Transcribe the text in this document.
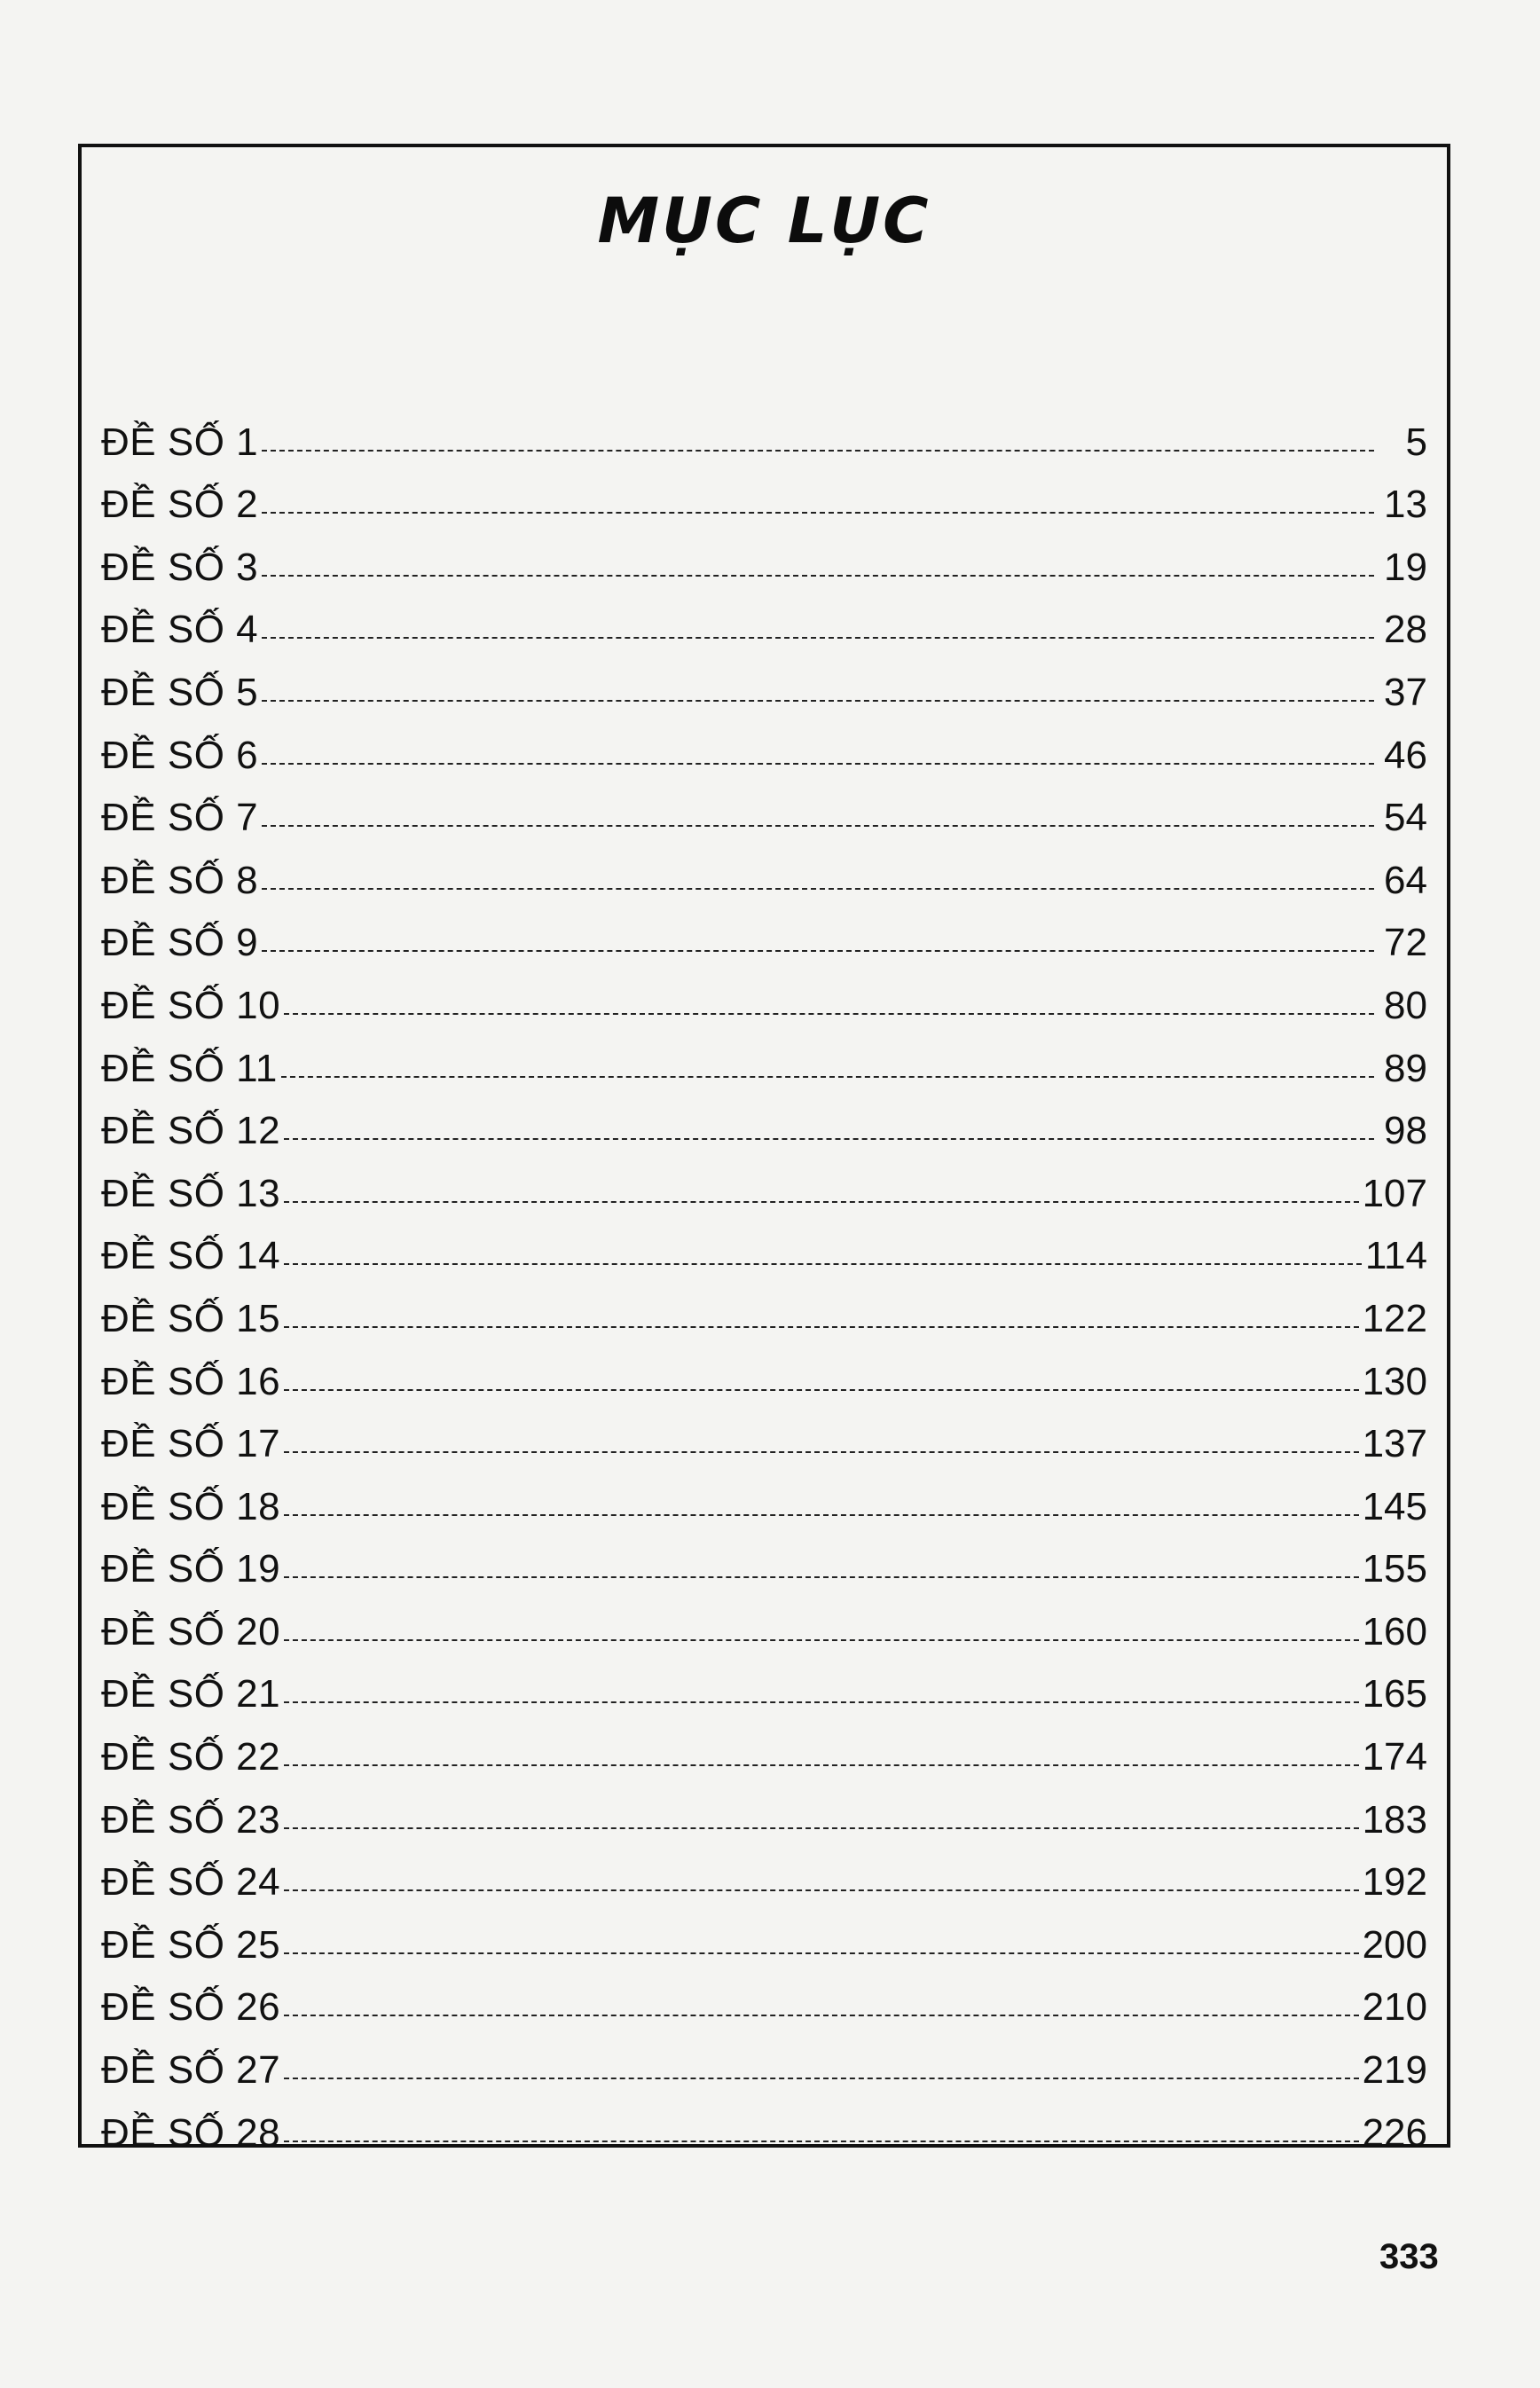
MỤC LỤC
ĐỀ SỐ 1	5
ĐỀ SỐ 2	13
ĐỀ SỐ 3	19
ĐỀ SỐ 4	28
ĐỀ SỐ 5	37
ĐỀ SỐ 6	46
ĐỀ SỐ 7	54
ĐỀ SỐ 8	64
ĐỀ SỐ 9	72
ĐỀ SỐ 10	80
ĐỀ SỐ 11	89
ĐỀ SỐ 12	98
ĐỀ SỐ 13	107
ĐỀ SỐ 14	114
ĐỀ SỐ 15	122
ĐỀ SỐ 16	130
ĐỀ SỐ 17	137
ĐỀ SỐ 18	145
ĐỀ SỐ 19	155
ĐỀ SỐ 20	160
ĐỀ SỐ 21	165
ĐỀ SỐ 22	174
ĐỀ SỐ 23	183
ĐỀ SỐ 24	192
ĐỀ SỐ 25	200
ĐỀ SỐ 26	210
ĐỀ SỐ 27	219
ĐỀ SỐ 28	226
333
